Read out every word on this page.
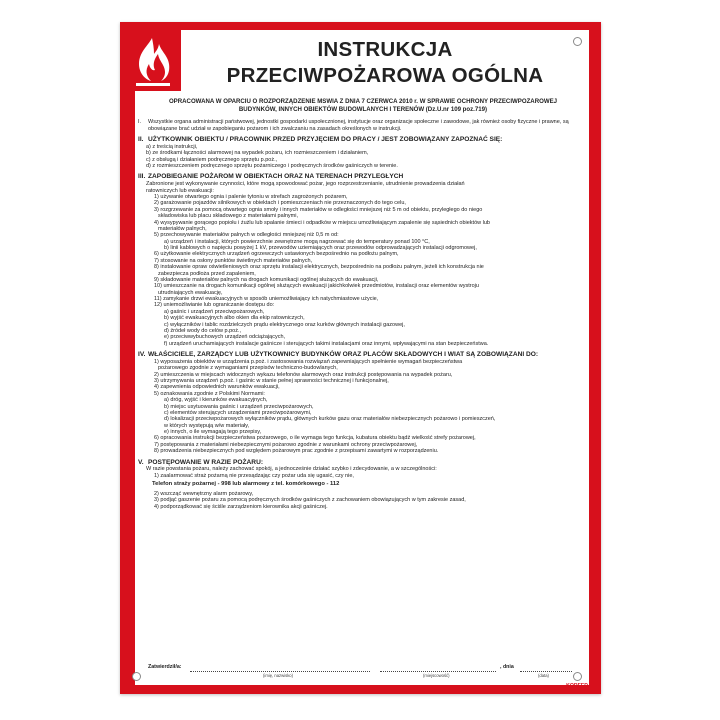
INSTRUKCJA
PRZECIWPOŻAROWA OGÓLNA
OPRACOWANA W OPARCIU O ROZPORZĄDZENIE MSWIA Z DNIA 7 CZERWCA 2010 r. W SPRAWIE OCHRONY PRZECIWPOŻAROWEJ
BUDYNKÓW, INNYCH OBIEKTÓW BUDOWLANYCH I TERENÓW (Dz.U.nr 109 poz.719)
I.	Wszystkie organa administracji państwowej, jednostki gospodarki uspołecznionej, instytucje oraz organizacje społeczne i zawodowe, jak również osoby fizyczne i prawne, są obowiązane brać udział w zapobieganiu pożarom i ich zwalczaniu na zasadach określonych w instrukcji.
II. UŻYTKOWNIK OBIEKTU / PRACOWNIK PRZED PRZYJĘCIEM DO PRACY / JEST ZOBOWIĄZANY ZAPOZNAĆ SIĘ:
a) z treścią instrukcji,
b) ze środkami łączności alarmowej na wypadek pożaru, ich rozmieszczeniem i działaniem,
c) z obsługą i działaniem podręcznego sprzętu p.poż.,
d) z rozmieszczeniem podręcznego sprzętu pożarniczego i podręcznych środków gaśniczych w terenie.
III. ZAPOBIEGANIE POŻAROM W OBIEKTACH ORAZ NA TERENACH PRZYLEGŁYCH
Zabronione jest wykonywanie czynności, które mogą spowodować pożar, jego rozprzestrzenianie, utrudnienie prowadzenia działań
ratowniczych lub ewakuacji:
1) używanie otwartego ognia i palenie tytoniu w strefach zagrożonych pożarem,
2) garażowanie pojazdów silnikowych w obiektach i pomieszczeniach nie przeznaczonych do tego celu,
3) rozgrzewanie za pomocą otwartego ognia smoły i innych materiałów w odległości mniejszej niż 5 m od obiektu, przyległego do niego
składowiska lub placu składowego z materiałami palnymi,
4) wysypywanie gorącego popiołu i żużlu lub spalanie śmieci i odpadków w miejscu umożliwiającym zapalenie się sąsiednich obiektów lub
materiałów palnych,
5) przechowywanie materiałów palnych w odległości mniejszej niż 0,5 m od:
a) urządzeń i instalacji, których powierzchnie zewnętrzne mogą nagrzewać się do temperatury ponad 100 °C,
b) linii kablowych o napięciu powyżej 1 kV, przewodów uziemiających oraz przewodów odprowadzających instalacji odgromowej,
6) użytkowanie elektrycznych urządzeń ogrzewczych ustawionych bezpośrednio na podłożu palnym,
7) stosowanie na osłony punktów świetlnych materiałów palnych,
8) instalowanie opraw oświetleniowych oraz sprzętu instalacji elektrycznych, bezpośrednio na podłożu palnym, jeżeli ich konstrukcja nie
zabezpiecza podłoża przed zapaleniem,
9) składowanie materiałów palnych na drogach komunikacji ogólnej służących do ewakuacji,
10) umieszczanie na drogach komunikacji ogólnej służących ewakuacji jakichkolwiek przedmiotów, instalacji oraz elementów wystroju
utrudniających ewakuację,
11) zamykanie drzwi ewakuacyjnych w sposób uniemożliwiający ich natychmiastowe użycie,
12) uniemożliwianie lub ograniczanie dostępu do:
a) gaśnic i urządzeń przeciwpożarowych,
b) wyjść ewakuacyjnych albo okien dla ekip ratowniczych,
c) wyłączników i tablic rozdzielczych prądu elektrycznego oraz kurków głównych instalacji gazowej,
d) źródeł wody do celów p.poż.,
e) przeciwwybuchowych urządzeń odciążających,
f) urządzeń uruchamiających instalacje gaśnicze i sterujących takimi instalacjami oraz innymi, wpływającymi na stan bezpieczeństwa.
IV. WŁAŚCICIELE, ZARZĄDCY LUB UŻYTKOWNICY BUDYNKÓW ORAZ PLACÓW SKŁADOWYCH I WIAT SĄ ZOBOWIĄZANI DO:
1) wyposażenia obiektów w urządzenia p.poż. i zastosowania rozwiązań zapewniających spełnienie wymagań bezpieczeństwa
pożarowego zgodnie z wymaganiami przepisów techniczno-budowlanych,
2) umieszczenia w miejscach widocznych wykazu telefonów alarmowych oraz instrukcji postępowania na wypadek pożaru,
3) utrzymywania urządzeń p.poż. i gaśnic w stanie pełnej sprawności technicznej i funkcjonalnej,
4) zapewnienia odpowiednich warunków ewakuacji,
5) oznakowania zgodnie z Polskimi Normami:
a) dróg, wyjść i kierunków ewakuacyjnych,
b) miejsc usytuowania gaśnic i urządzeń przeciwpożarowych,
c) elementów sterujących urządzeniami przeciwpożarowymi,
d) lokalizacji przeciwpożarowych wyłączników prądu, głównych kurków gazu oraz materiałów niebezpiecznych pożarowo i pomieszczeń,
w których występują w/w materiały,
e) innych, o ile wymagają tego przepisy,
6) opracowania instrukcji bezpieczeństwa pożarowego, o ile wymaga tego funkcja, kubatura obiektu bądź wielkość strefy pożarowej,
7) postępowania z materiałami niebezpiecznymi pożarowo zgodnie z warunkami ochrony przeciwpożarowej,
8) prowadzenia niebezpiecznych pod względem pożarowym prac zgodnie z przepisami zawartymi w rozporządzeniu.
V. POSTĘPOWANIE W RAZIE POŻARU:
W razie powstania pożaru, należy zachować spokój, a jednocześnie działać szybko i zdecydowanie, a w szczególności:
1) zaalarmować straż pożarną nie przesądzając czy pożar uda się ugasić, czy nie,
Telefon straży pożarnej - 998 lub alarmowy z tel. komórkowego - 112
2) wszcząć wewnętrzny alarm pożarowy,
3) podjąć gaszenie pożaru za pomocą podręcznych środków gaśniczych z zachowaniem obowiązujących w tym zakresie zasad,
4) podporządkować się ściśle zarządzeniom kierownika akcji gaśniczej.
Zatwierdził/a:	, dnia
(imię, nazwisko)	(miejscowość)	(data)
KORFED
